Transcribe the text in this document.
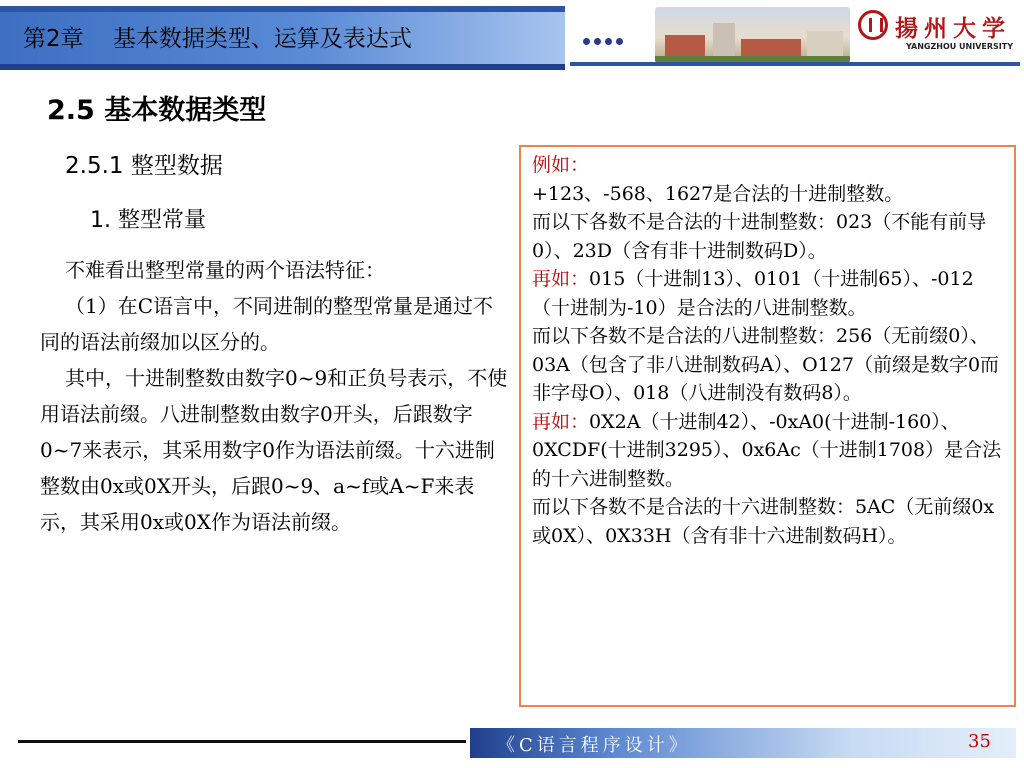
第2章    基本数据类型、运算及表达式	揚州大学
YANGZHOU UNIVERSITY
2.5 基本数据类型
2.5.1 整型数据
1. 整型常量

不难看出整型常量的两个语法特征：

（1）在C语言中，不同进制的整型常量是通过不同的语法前缀加以区分的。

其中，十进制整数由数字0~9和正负号表示，不使用语法前缀。八进制整数由数字0开头，后跟数字0~7来表示，其采用数字0作为语法前缀。十六进制整数由0x或0X开头，后跟0~9、a~f或A~F来表示，其采用0x或0X作为语法前缀。

例如：

+123、-568、1627是合法的十进制整数。

而以下各数不是合法的十进制整数：023（不能有前导0）、23D（含有非十进制数码D）。

再如：015（十进制13）、0101（十进制65）、-012（十进制为-10）是合法的八进制整数。

而以下各数不是合法的八进制整数：256（无前缀0）、03A（包含了非八进制数码A）、O127（前缀是数字0而非字母O）、018（八进制没有数码8）。

再如：0X2A（十进制42）、-0xA0(十进制-160）、0XCDF(十进制3295）、0x6Ac（十进制1708）是合法的十六进制整数。

而以下各数不是合法的十六进制整数：5AC（无前缀0x或0X）、0X33H（含有非十六进制数码H）。

《C语言程序设计》	35
